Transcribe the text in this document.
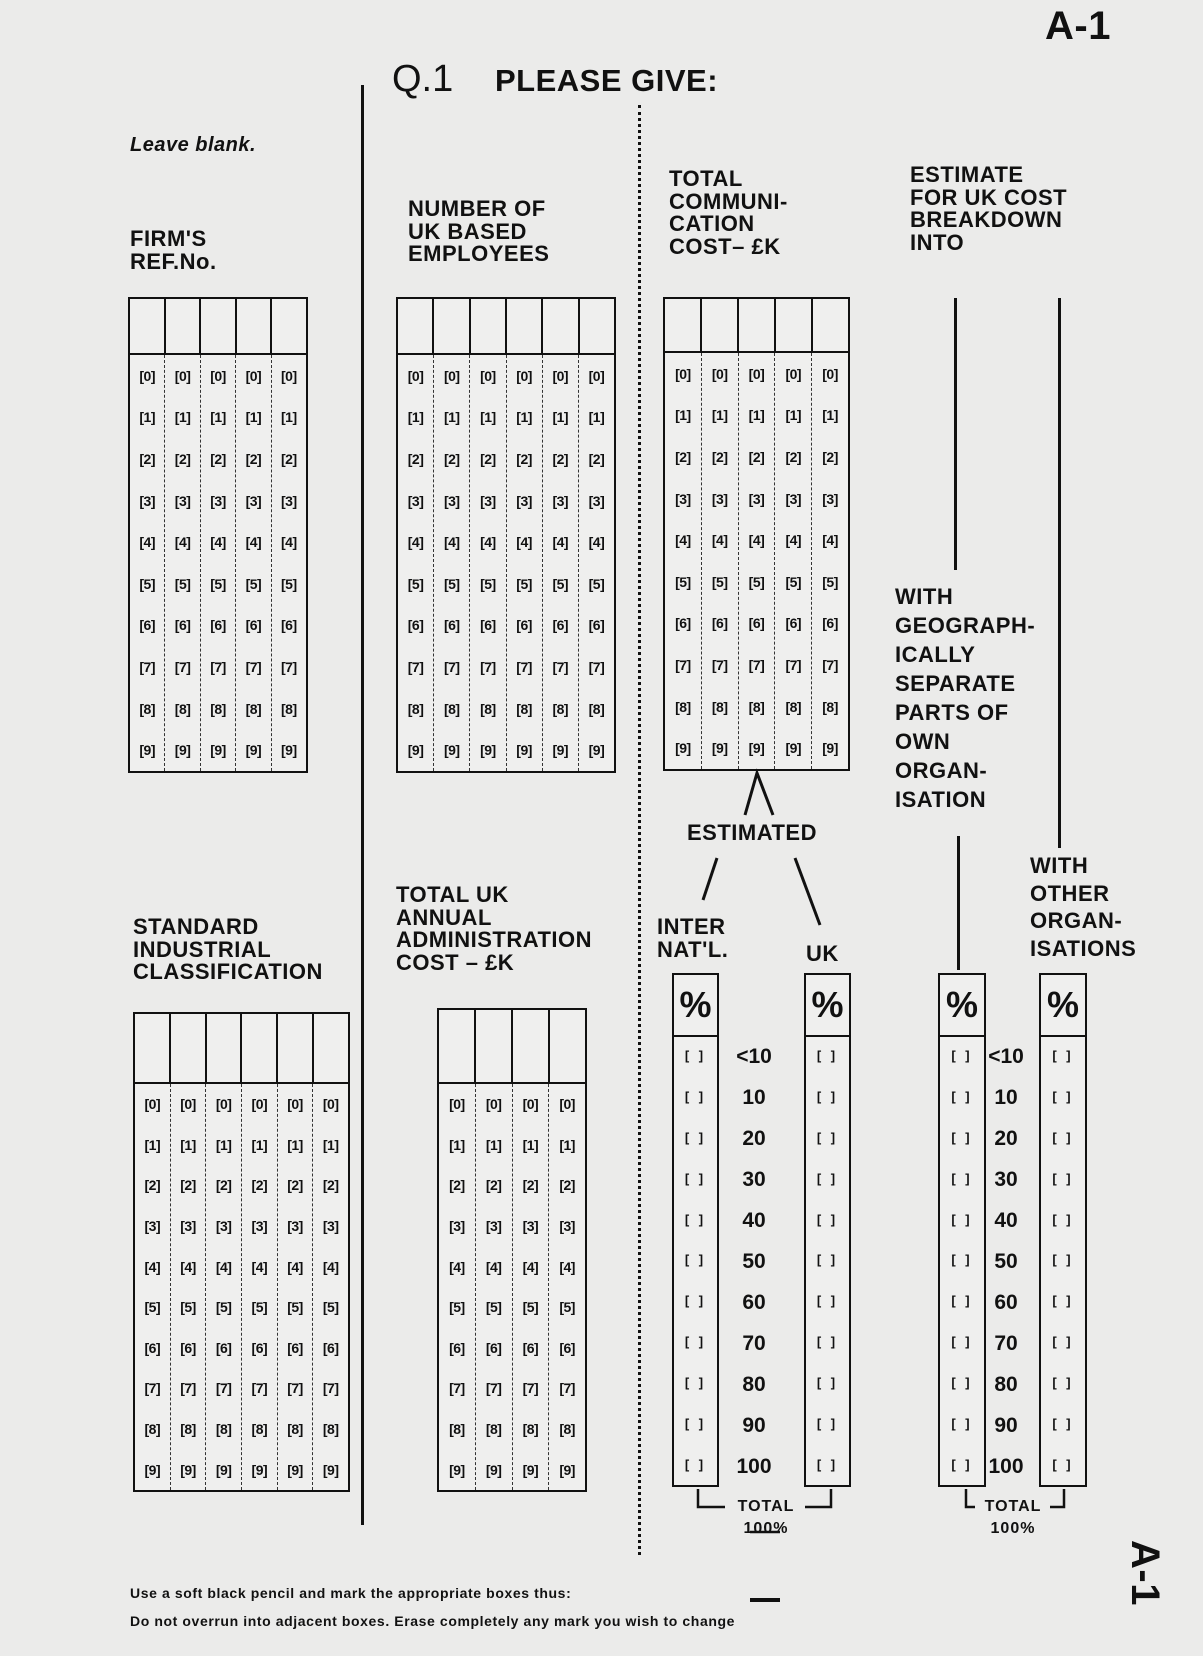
A-1
A-1
Q.1 PLEASE GIVE:
Leave blank.
FIRM'S
REF.No.
NUMBER OF
UK BASED
EMPLOYEES
TOTAL
COMMUNI-
CATION
COST– £K
ESTIMATE
FOR UK COST
BREAKDOWN
INTO
[0]
[1]
[2]
[3]
[4]
[5]
[6]
[7]
[8]
[9]
[0]
[1]
[2]
[3]
[4]
[5]
[6]
[7]
[8]
[9]
[0]
[1]
[2]
[3]
[4]
[5]
[6]
[7]
[8]
[9]
[0]
[1]
[2]
[3]
[4]
[5]
[6]
[7]
[8]
[9]
[0]
[1]
[2]
[3]
[4]
[5]
[6]
[7]
[8]
[9]
[0]
[1]
[2]
[3]
[4]
[5]
[6]
[7]
[8]
[9]
[0]
[1]
[2]
[3]
[4]
[5]
[6]
[7]
[8]
[9]
[0]
[1]
[2]
[3]
[4]
[5]
[6]
[7]
[8]
[9]
[0]
[1]
[2]
[3]
[4]
[5]
[6]
[7]
[8]
[9]
[0]
[1]
[2]
[3]
[4]
[5]
[6]
[7]
[8]
[9]
[0]
[1]
[2]
[3]
[4]
[5]
[6]
[7]
[8]
[9]
[0]
[1]
[2]
[3]
[4]
[5]
[6]
[7]
[8]
[9]
[0]
[1]
[2]
[3]
[4]
[5]
[6]
[7]
[8]
[9]
[0]
[1]
[2]
[3]
[4]
[5]
[6]
[7]
[8]
[9]
[0]
[1]
[2]
[3]
[4]
[5]
[6]
[7]
[8]
[9]
[0]
[1]
[2]
[3]
[4]
[5]
[6]
[7]
[8]
[9]
WITH
GEOGRAPH-
ICALLY
SEPARATE
PARTS OF
OWN
ORGAN-
ISATION
WITH
OTHER
ORGAN-
ISATIONS
ESTIMATED
INTER
NAT'L.	UK
STANDARD
INDUSTRIAL
CLASSIFICATION
TOTAL UK
ANNUAL
ADMINISTRATION
COST – £K
[0]
[1]
[2]
[3]
[4]
[5]
[6]
[7]
[8]
[9]
[0]
[1]
[2]
[3]
[4]
[5]
[6]
[7]
[8]
[9]
[0]
[1]
[2]
[3]
[4]
[5]
[6]
[7]
[8]
[9]
[0]
[1]
[2]
[3]
[4]
[5]
[6]
[7]
[8]
[9]
[0]
[1]
[2]
[3]
[4]
[5]
[6]
[7]
[8]
[9]
[0]
[1]
[2]
[3]
[4]
[5]
[6]
[7]
[8]
[9]
[0]
[1]
[2]
[3]
[4]
[5]
[6]
[7]
[8]
[9]
[0]
[1]
[2]
[3]
[4]
[5]
[6]
[7]
[8]
[9]
[0]
[1]
[2]
[3]
[4]
[5]
[6]
[7]
[8]
[9]
[0]
[1]
[2]
[3]
[4]
[5]
[6]
[7]
[8]
[9]
%
[ ]
[ ]
[ ]
[ ]
[ ]
[ ]
[ ]
[ ]
[ ]
[ ]
[ ]
<10
10
20
30
40
50
60
70
80
90
100
%
[ ]
[ ]
[ ]
[ ]
[ ]
[ ]
[ ]
[ ]
[ ]
[ ]
[ ]
%
[ ]
[ ]
[ ]
[ ]
[ ]
[ ]
[ ]
[ ]
[ ]
[ ]
[ ]
<10
10
20
30
40
50
60
70
80
90
100
%
[ ]
[ ]
[ ]
[ ]
[ ]
[ ]
[ ]
[ ]
[ ]
[ ]
[ ]
TOTAL
100%
TOTAL
100%
Use a soft black pencil and mark the appropriate boxes thus:
Do not overrun into adjacent boxes. Erase completely any mark you wish to change
